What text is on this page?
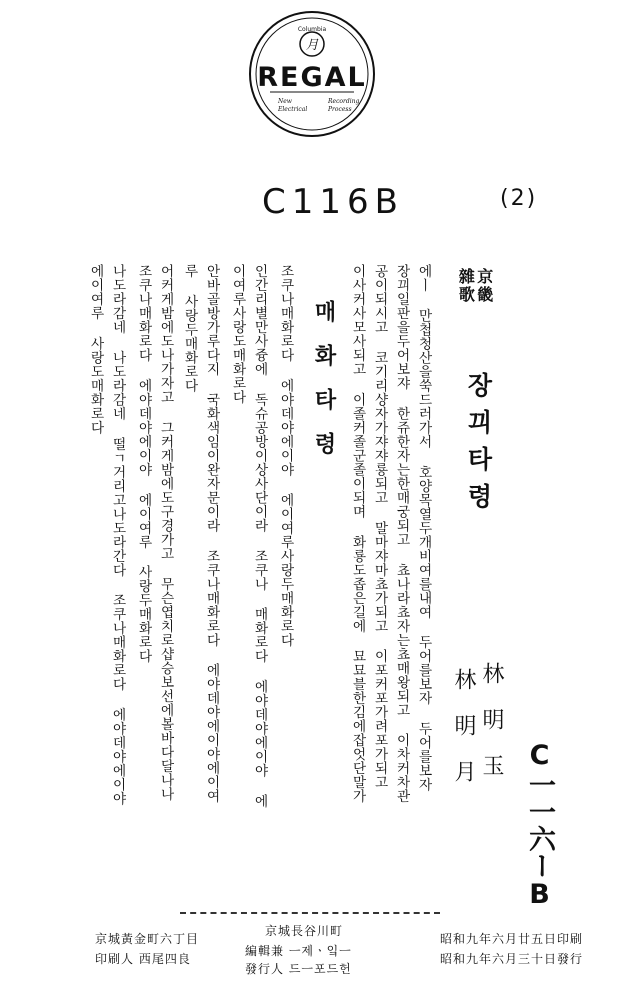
Columbia
月
REGAL
New
Electrical
Recording
Process
C116B	(2)
京畿
雜歌
장끠타령
林明玉
林明月
C一一六ーB
에ㅣ 만첩청산을쑥드러가서 호양목열두개비여를내여 두어를보자 두어를보자
장끠일판을두어보쟈 한쥬한자는한매궁되고 쵸나라쵸자는쵸매왕되고 이차커차관
공이되시고 코기리샹자가쟈쟈룡되고 말마쟈마쵸가되고 이포커포가려포가되고
이사커사모사되고 이졸커졸군졸이되며 화룡도좁은길에 묘묘블한김에잡엇단말가
매화타령
조쿠나매화로다 에야데야에이야 에이여루사랑두매화로다
인간리별만사즁에 독슈공방이상사단이라 조쿠나 매화로다 에야데야에이야 에
이여루사랑도매화로다
안바골방가루다지 국화색임이완자문이라 조쿠나매화로다 에야데야에이야에이여
루 사랑두매화로다
어커게밤에도나가자고 그커게밤에도구경가고 무슨엽치로샵승보선에볼바다달나나
조쿠나매화로다 에야데야에이야 에이여루 사랑두매화로다
나도라감네 나도라감네 떨ㄱ거리고나도라간다 조쿠나매화로다 에야데야에이야
에이여루 사랑도매화로다
昭和九年六月廿五日印刷
昭和九年六月三十日發行
京城長谷川町
編輯兼 ㅡ제ㆍ잌ㅡ
發行人 드ㅡ포드헌
京城黃金町六丁目
印刷人 西尾四良
